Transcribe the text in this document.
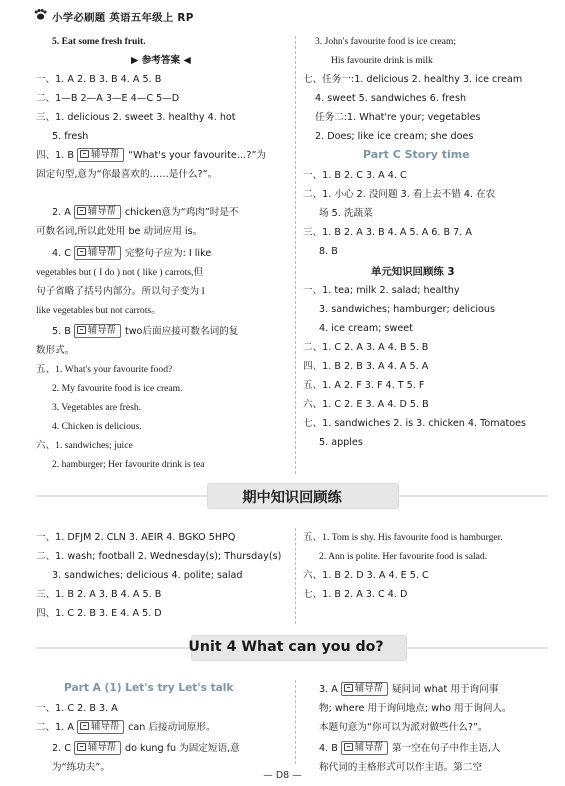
小学必刷题 英语五年级上 RP
5. Eat some fresh fruit.
▶ 参考答案 ◀
一、1. A 2. B 3. B 4. A 5. B
二、1—B 2—A 3—E 4—C 5—D
三、1. delicious 2. sweet 3. healthy 4. hot
5. fresh
四、1. B 辅导帮 “What's your favourite…?”为
固定句型,意为“你最喜欢的……是什么?”。
2. A 辅导帮 chicken意为“鸡肉”时是不
可数名词,所以此处用 be 动词应用 is。
4. C 辅导帮 完整句子应为: I like
vegetables but ( I do ) not ( like ) carrots,但
句子省略了括号内部分。所以句子变为 I
like vegetables but not carrots。
5. B 辅导帮 two后面应接可数名词的复
数形式。
五、1. What's your favourite food?
2. My favourite food is ice cream.
3. Vegetables are fresh.
4. Chicken is delicious.
六、1. sandwiches; juice
2. hamburger; Her favourite drink is tea
3. John's favourite food is ice cream;
His favourite drink is milk
七、任务一:1. delicious 2. healthy 3. ice cream
4. sweet 5. sandwiches 6. fresh
任务二:1. What're your; vegetables
2. Does; like ice cream; she does
Part C Story time
一、1. B 2. C 3. A 4. C
二、1. 小心 2. 没问题 3. 看上去不错 4. 在农
场 5. 洗蔬菜
三、1. B 2. A 3. B 4. A 5. A 6. B 7. A
8. B
单元知识回顾练 3
一、1. tea; milk 2. salad; healthy
3. sandwiches; hamburger; delicious
4. ice cream; sweet
二、1. C 2. A 3. A 4. B 5. B
四、1. B 2. B 3. A 4. A 5. A
五、1. A 2. F 3. F 4. T 5. F
六、1. C 2. E 3. A 4. D 5. B
七、1. sandwiches 2. is 3. chicken 4. Tomatoes
5. apples
期中知识回顾练
一、1. DFJM 2. CLN 3. AEIR 4. BGKO 5HPQ
二、1. wash; football 2. Wednesday(s); Thursday(s)
3. sandwiches; delicious 4. polite; salad
三、1. B 2. A 3. B 4. A 5. B
四、1. C 2. B 3. E 4. A 5. D
五、1. Tom is shy. His favourite food is hamburger.
2. Ann is polite. Her favourite food is salad.
六、1. B 2. D 3. A 4. E 5. C
七、1. B 2. A 3. C 4. D
Unit 4 What can you do?
Part A (1) Let's try Let's talk
一、1. C 2. B 3. A
二、1. A 辅导帮 can 后接动词原形。
2. C 辅导帮 do kung fu 为固定短语,意
为“练功夫”。
3. A 辅导帮 疑问词 what 用于询问事
物; where 用于询问地点; who 用于询问人。
本题句意为“你可以为派对做些什么?”。
4. B 辅导帮 第一空在句子中作主语,人
称代词的主格形式可以作主语。第二空
— D8 —
